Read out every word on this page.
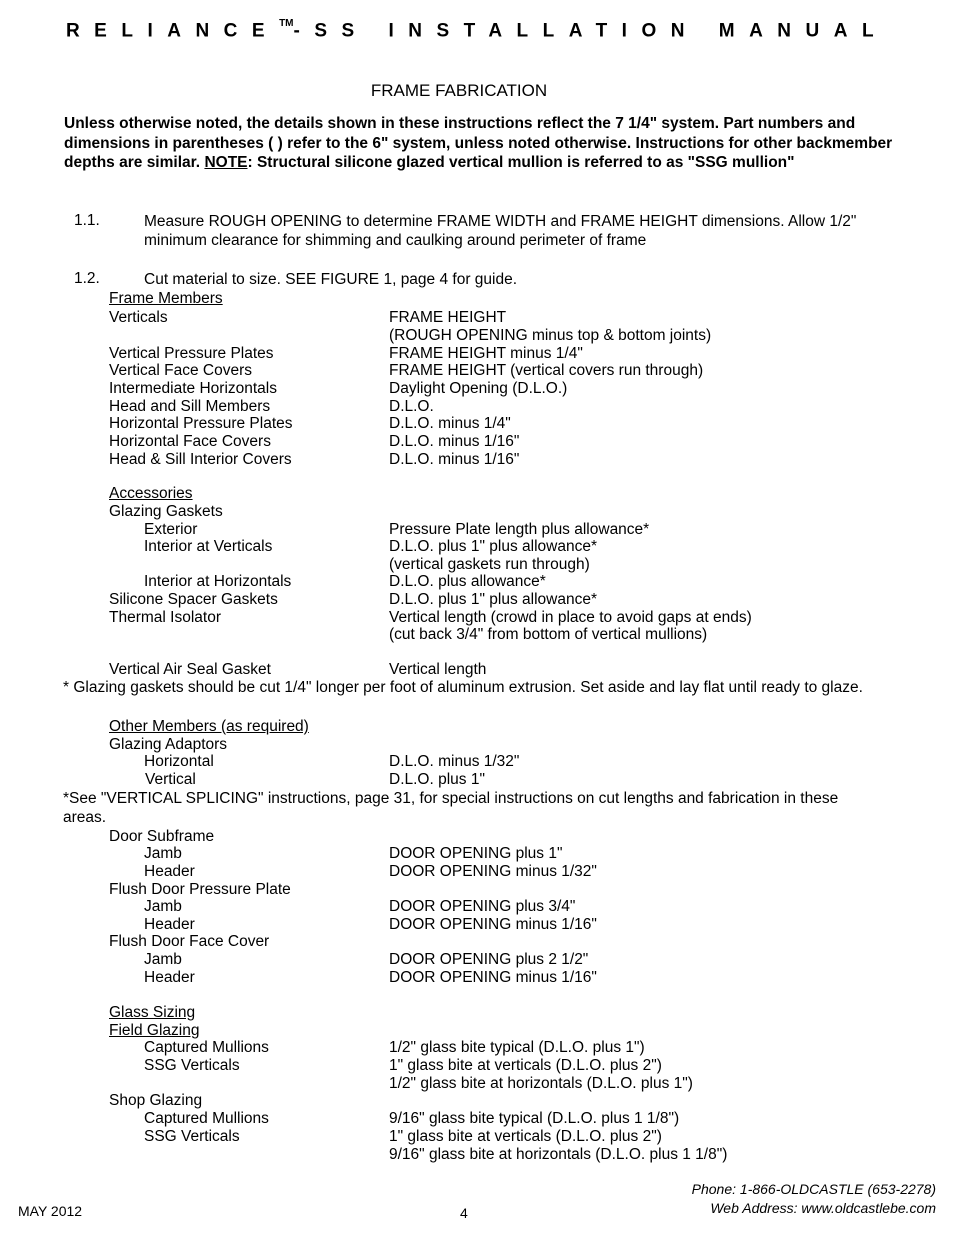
RELIANCE™-SS INSTALLATION MANUAL
FRAME FABRICATION
Unless otherwise noted, the details shown in these instructions reflect the 7 1/4" system. Part numbers and dimensions in parentheses ( ) refer to the 6" system, unless noted otherwise. Instructions for other backmember depths are similar. NOTE: Structural silicone glazed vertical mullion is referred to as "SSG mullion"
1.1.	Measure ROUGH OPENING to determine FRAME WIDTH and FRAME HEIGHT dimensions. Allow 1/2" minimum clearance for shimming and caulking around perimeter of frame
1.2.	Cut material to size. SEE FIGURE 1, page 4 for guide.
Frame Members
Verticals	FRAME HEIGHT
(ROUGH OPENING minus top & bottom joints)
Vertical Pressure Plates	FRAME HEIGHT minus 1/4"
Vertical Face Covers	FRAME HEIGHT (vertical covers run through)
Intermediate Horizontals	Daylight Opening (D.L.O.)
Head and Sill Members	D.L.O.
Horizontal Pressure Plates	D.L.O. minus 1/4"
Horizontal Face Covers	D.L.O. minus 1/16"
Head & Sill Interior Covers	D.L.O. minus 1/16"
Accessories
Glazing Gaskets
Exterior	Pressure Plate length plus allowance*
Interior at Verticals	D.L.O. plus 1" plus allowance*
(vertical gaskets run through)
Interior at Horizontals	D.L.O. plus allowance*
Silicone Spacer Gaskets	D.L.O. plus 1" plus allowance*
Thermal Isolator	Vertical length (crowd in place to avoid gaps at ends)
(cut back 3/4" from bottom of vertical mullions)
Vertical Air Seal Gasket	Vertical length
* Glazing gaskets should be cut 1/4" longer per foot of aluminum extrusion. Set aside and lay flat until ready to glaze.
Other Members (as required)
Glazing Adaptors
Horizontal	D.L.O. minus 1/32"
Vertical	D.L.O. plus 1"
*See "VERTICAL SPLICING" instructions, page 31, for special instructions on cut lengths and fabrication in these areas.
Door Subframe
Jamb	DOOR OPENING plus 1"
Header	DOOR OPENING minus 1/32"
Flush Door Pressure Plate
Jamb	DOOR OPENING plus 3/4"
Header	DOOR OPENING minus 1/16"
Flush Door Face Cover
Jamb	DOOR OPENING plus 2 1/2"
Header	DOOR OPENING minus 1/16"
Glass Sizing
Field Glazing
Captured Mullions	1/2" glass bite typical (D.L.O. plus 1")
SSG Verticals	1" glass bite at verticals (D.L.O. plus 2")
1/2" glass bite at horizontals (D.L.O. plus 1")
Shop Glazing
Captured Mullions	9/16" glass bite typical (D.L.O. plus 1 1/8")
SSG Verticals	1" glass bite at verticals (D.L.O. plus 2")
9/16" glass bite at horizontals (D.L.O. plus 1 1/8")
MAY 2012	4
Phone: 1-866-OLDCASTLE (653-2278)
Web Address: www.oldcastlebe.com
